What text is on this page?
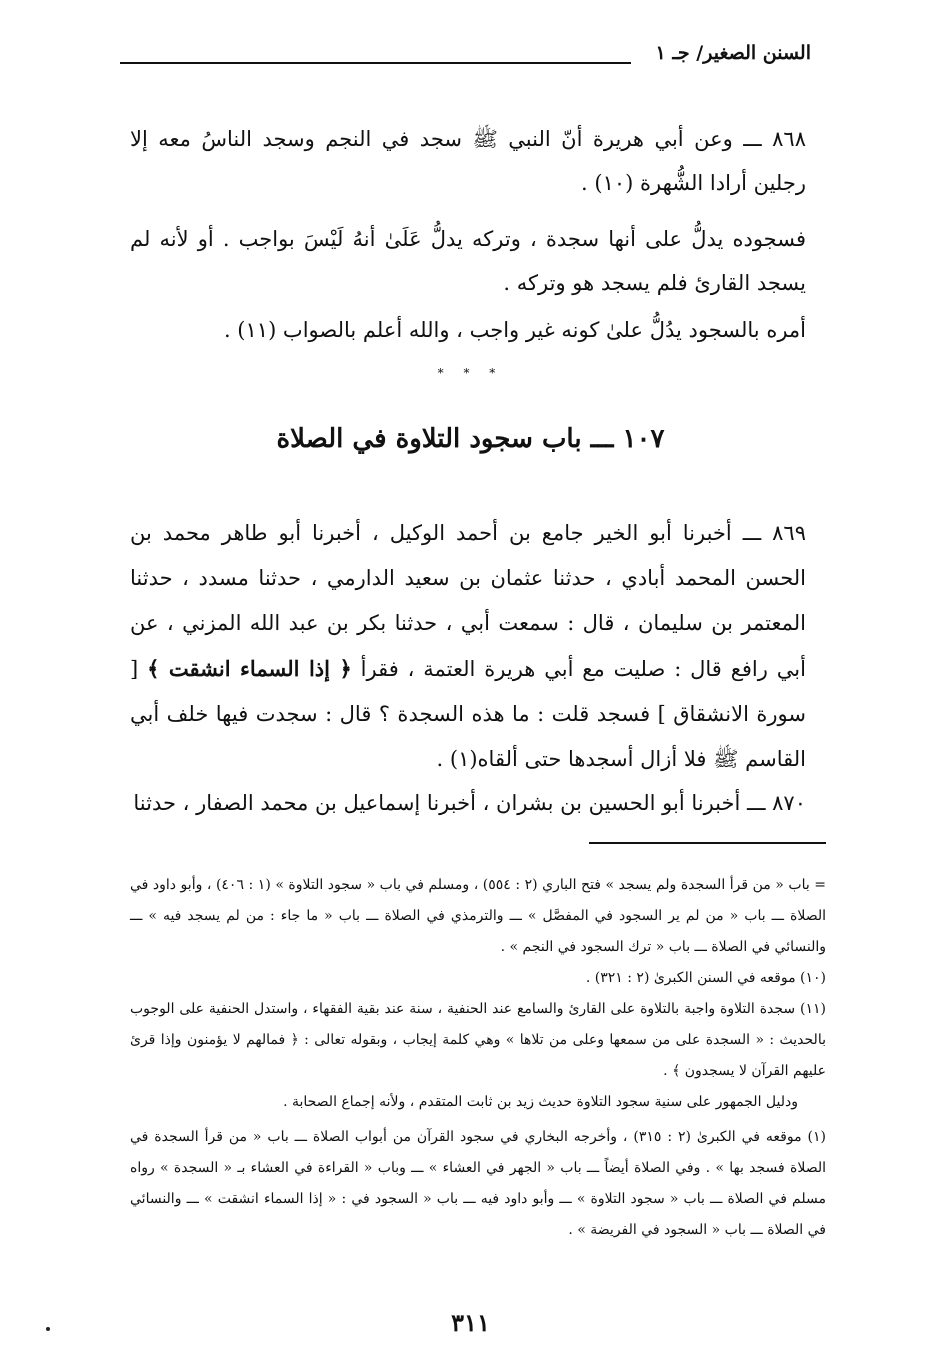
السنن الصغير/ جـ ١

٨٦٨ ـــ وعن أبي هريرة أنّ النبي ﷺ سجد في النجم وسجد الناسُ معه إلا رجلين أرادا الشُّهرة (١٠) .

فسجوده يدلُّ على أنها سجدة ، وتركه يدلُّ عَلَىٰ أنهُ لَيْسَ بواجب . أو لأنه لم يسجد القارئ فلم يسجد هو وتركه .

أمره بالسجود يدُلُّ علىٰ كونه غير واجب ، والله أعلم بالصواب (١١) .

* * *
١٠٧ ـــ باب سجود التلاوة في الصلاة

٨٦٩ ـــ أخبرنا أبو الخير جامع بن أحمد الوكيل ، أخبرنا أبو طاهر محمد بن الحسن المحمد أبادي ، حدثنا عثمان بن سعيد الدارمي ، حدثنا مسدد ، حدثنا المعتمر بن سليمان ، قال : سمعت أبي ، حدثنا بكر بن عبد الله المزني ، عن أبي رافع قال : صليت مع أبي هريرة العتمة ، فقرأ ﴿ إذا السماء انشقت ﴾ [ سورة الانشقاق ] فسجد قلت : ما هذه السجدة ؟ قال : سجدت فيها خلف أبي القاسم ﷺ فلا أزال أسجدها حتى ألقاه(١) .

٨٧٠ ـــ أخبرنا أبو الحسين بن بشران ، أخبرنا إسماعيل بن محمد الصفار ، حدثنا

= باب « من قرأ السجدة ولم يسجد » فتح الباري (٢ : ٥٥٤) ، ومسلم في باب « سجود التلاوة » (١ : ٤٠٦) ، وأبو داود في الصلاة ـــ باب « من لم ير السجود في المفصَّل » ـــ والترمذي في الصلاة ـــ باب « ما جاء : من لم يسجد فيه » ـــ والنسائي في الصلاة ـــ باب « ترك السجود في النجم » .

(١٠) موقعه في السنن الكبرىٰ (٢ : ٣٢١) .

(١١) سجدة التلاوة واجبة بالتلاوة على القارئ والسامع عند الحنفية ، سنة عند بقية الفقهاء ، واستدل الحنفية على الوجوب بالحديث : « السجدة على من سمعها وعلى من تلاها » وهي كلمة إيجاب ، وبقوله تعالى : ﴿ فمالهم لا يؤمنون وإذا قرئ عليهم القرآن لا يسجدون ﴾ .

ودليل الجمهور على سنية سجود التلاوة حديث زيد بن ثابت المتقدم ، ولأنه إجماع الصحابة .

(١) موقعه في الكبرىٰ (٢ : ٣١٥) ، وأخرجه البخاري في سجود القرآن من أبواب الصلاة ـــ باب « من قرأ السجدة في الصلاة فسجد بها » . وفي الصلاة أيضاً ـــ باب « الجهر في العشاء » ـــ وباب « القراءة في العشاء بـ « السجدة » رواه مسلم في الصلاة ـــ باب « سجود التلاوة » ـــ وأبو داود فيه ـــ باب « السجود في : « إذا السماء انشقت » ـــ والنسائي في الصلاة ـــ باب « السجود في الفريضة » .

٣١١
